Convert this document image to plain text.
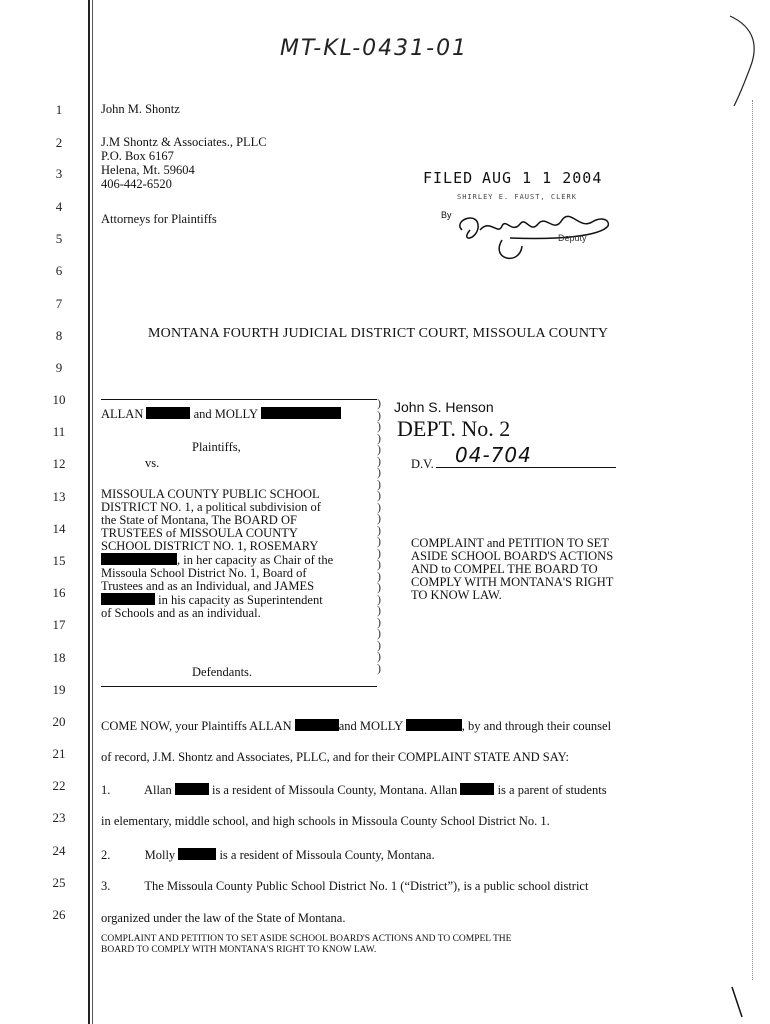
MT-KL-0431-01
1
2
3
4
5
6
7
8
9
10
11
12
13
14
15
16
17
18
19
20
21
22
23
24
25
26
John M. Shontz
J.M Shontz & Associates., PLLC
P.O. Box 6167
Helena, Mt. 59604
406-442-6520
Attorneys for Plaintiffs
FILED AUG 1 1 2004
SHIRLEY E. FAUST, CLERK
By
Deputy
MONTANA FOURTH JUDICIAL DISTRICT COURT, MISSOULA COUNTY
)
)
)
)
)
)
)
)
)
)
)
)
)
)
)
)
)
)
)
)
)
)
)
)
ALLAN	and MOLLY
Plaintiffs,
vs.
MISSOULA COUNTY PUBLIC SCHOOL
DISTRICT NO. 1, a political subdivision of
the State of Montana, The BOARD OF
TRUSTEES of MISSOULA COUNTY
SCHOOL DISTRICT NO. 1, ROSEMARY
, in her capacity as Chair of the
Missoula School District No. 1, Board of
Trustees and as an Individual, and JAMES
in his capacity as Superintendent
of Schools and as an individual.
Defendants.
John S. Henson
DEPT. No. 2
D.V. 04-704
COMPLAINT and PETITION TO SET
ASIDE SCHOOL BOARD'S ACTIONS
AND to COMPEL THE BOARD TO
COMPLY WITH MONTANA'S RIGHT
TO KNOW LAW.
COME NOW, your Plaintiffs ALLAN	and MOLLY	, by and through their counsel
of record, J.M. Shontz and Associates, PLLC, and for their COMPLAINT STATE AND SAY:
1.	Allan	is a resident of Missoula County, Montana. Allan	is a parent of students
in elementary, middle school, and high schools in Missoula County School District No. 1.
2.	Molly	is a resident of Missoula County, Montana.
3.	The Missoula County Public School District No. 1 (“District”), is a public school district
organized under the law of the State of Montana.
COMPLAINT AND PETITION TO SET ASIDE SCHOOL BOARD'S ACTIONS AND TO COMPEL THE
BOARD TO COMPLY WITH MONTANA'S RIGHT TO KNOW LAW.
